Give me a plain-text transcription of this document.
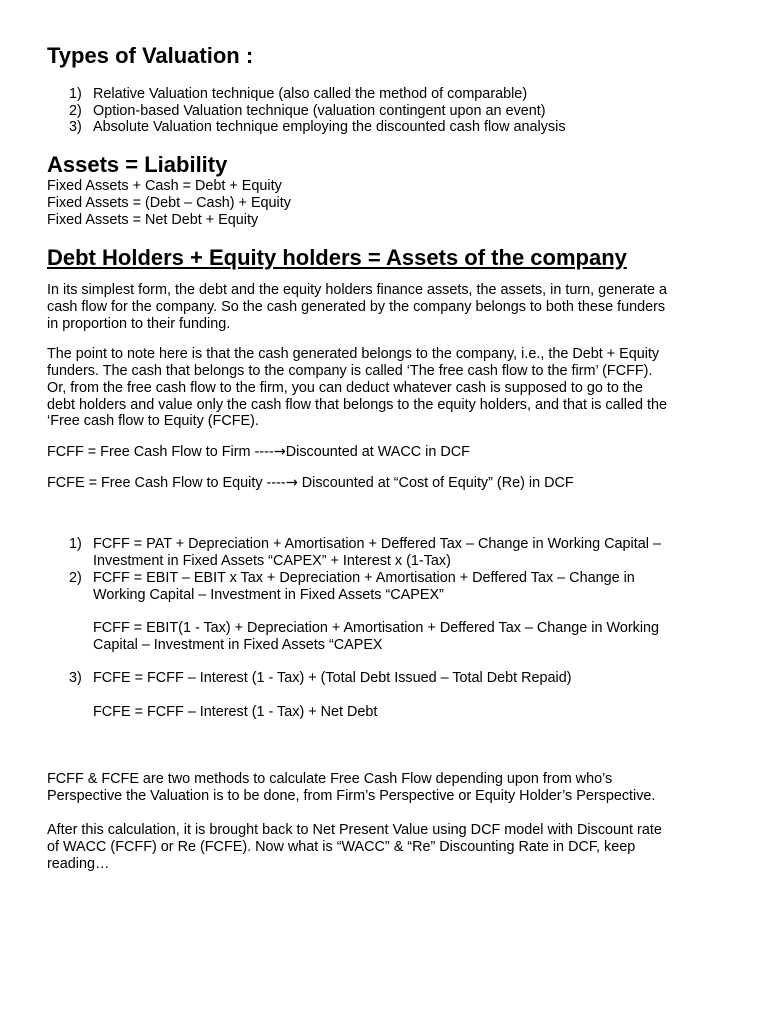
Types of Valuation :
1) Relative Valuation technique (also called the method of comparable)
2) Option-based Valuation technique (valuation contingent upon an event)
3) Absolute Valuation technique employing the discounted cash flow analysis
Assets = Liability
Fixed Assets + Cash = Debt + Equity
Fixed Assets = (Debt – Cash) + Equity
Fixed Assets = Net Debt + Equity
Debt Holders + Equity holders = Assets of the company
In its simplest form, the debt and the equity holders finance assets, the assets, in turn, generate a
cash flow for the company. So the cash generated by the company belongs to both these funders
in proportion to their funding.
The point to note here is that the cash generated belongs to the company, i.e., the Debt + Equity
funders. The cash that belongs to the company is called ‘The free cash flow to the firm’ (FCFF).
Or, from the free cash flow to the firm, you can deduct whatever cash is supposed to go to the
debt holders and value only the cash flow that belongs to the equity holders, and that is called the
‘Free cash flow to Equity (FCFE).
FCFF = Free Cash Flow to Firm ----→Discounted at WACC in DCF
FCFE = Free Cash Flow to Equity ----→ Discounted at “Cost of Equity” (Re) in DCF
1) FCFF = PAT + Depreciation + Amortisation + Deffered Tax – Change in Working Capital –
Investment in Fixed Assets “CAPEX” + Interest x (1-Tax)
2) FCFF = EBIT – EBIT x Tax + Depreciation + Amortisation + Deffered Tax – Change in
Working Capital – Investment in Fixed Assets “CAPEX”
FCFF = EBIT(1 - Tax) + Depreciation + Amortisation + Deffered Tax – Change in Working
Capital – Investment in Fixed Assets “CAPEX
3) FCFE = FCFF – Interest (1 - Tax) + (Total Debt Issued – Total Debt Repaid)
FCFE = FCFF – Interest (1 - Tax) + Net Debt
FCFF & FCFE are two methods to calculate Free Cash Flow depending upon from who’s
Perspective the Valuation is to be done, from Firm’s Perspective or Equity Holder’s Perspective.
After this calculation, it is brought back to Net Present Value using DCF model with Discount rate
of WACC (FCFF) or Re (FCFE). Now what is “WACC” & “Re” Discounting Rate in DCF, keep
reading…
